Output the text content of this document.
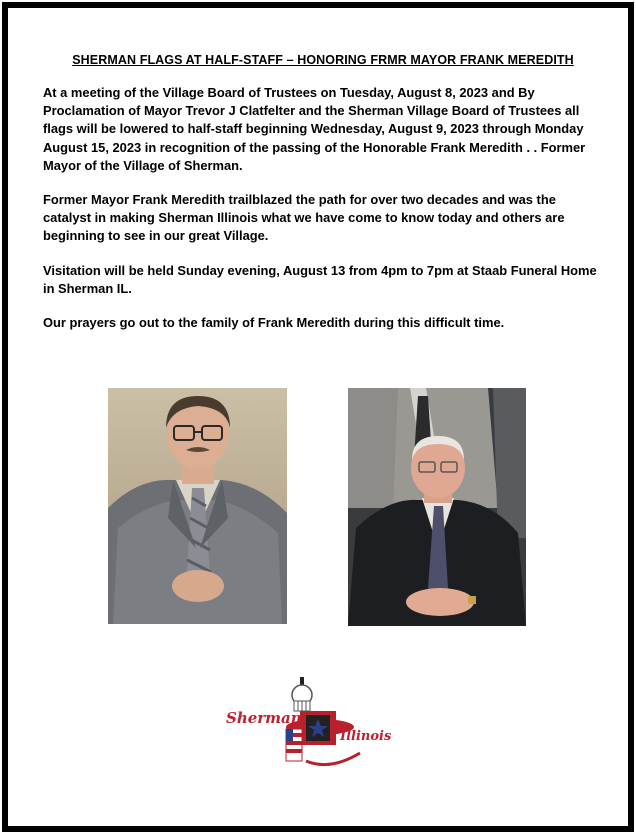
SHERMAN FLAGS AT HALF-STAFF – HONORING FRMR MAYOR FRANK MEREDITH

At a meeting of the Village Board of Trustees on Tuesday, August 8, 2023 and By Proclamation of Mayor Trevor J Clatfelter and the Sherman Village Board of Trustees all flags will be lowered to half-staff beginning Wednesday, August 9, 2023 through Monday August 15, 2023 in recognition of the passing of the Honorable Frank Meredith . . Former Mayor of the Village of Sherman.

Former Mayor Frank Meredith trailblazed the path for over two decades and was the catalyst in making Sherman Illinois what we have come to know today and others are beginning to see in our great Village.

Visitation will be held Sunday evening, August 13 from 4pm to 7pm at Staab Funeral Home in Sherman IL.

Our prayers go out to the family of Frank Meredith during this difficult time.

Sherman
Illinois
